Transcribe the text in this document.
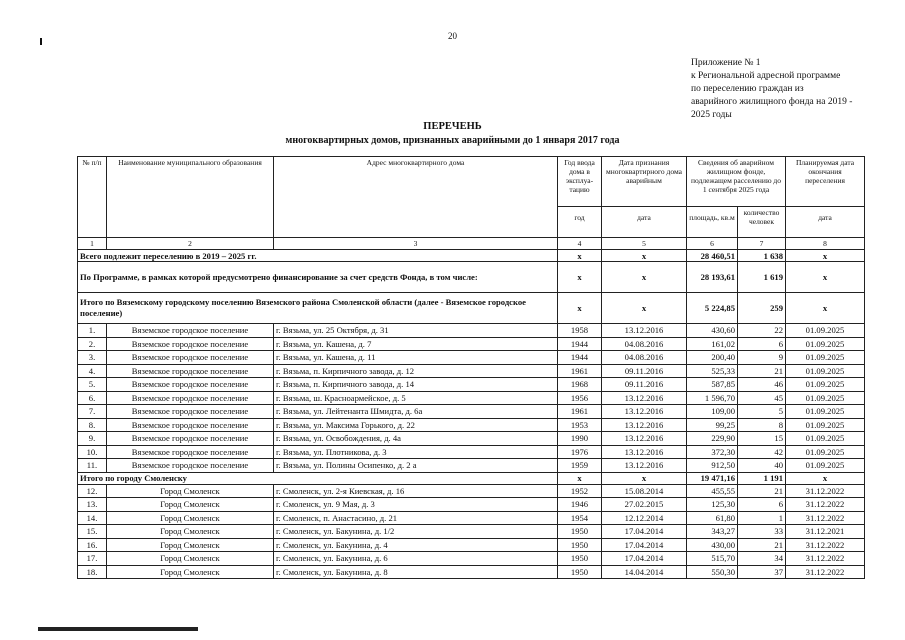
20
Приложение № 1
к Региональной адресной программе
по переселению граждан из
аварийного жилищного фонда на 2019 -
2025 годы
ПЕРЕЧЕНЬ
многоквартирных домов, признанных аварийными до 1 января 2017 года
№ п/п	Наименование муниципального образования	Адрес многоквартирного дома	Год ввода дома в эксплуа-тацию	Дата признания многоквартирного дома аварийным	Сведения об аварийном жилищном фонде, подлежащем расселению до 1 сентября 2025 года		Планируемая дата окончания переселения
			год	дата	площадь, кв.м	количество человек	дата
1	2	3	4	5	6	7	8
Всего подлежит переселению в 2019 – 2025 гг.			x	x	28 460,51	1 638	x
По Программе, в рамках которой предусмотрено финансирование за счет средств Фонда, в том числе:			x	x	28 193,61	1 619	x
Итого по Вяземскому городскому поселению Вяземского района Смоленской области (далее - Вяземское городское поселение)			x	x	5 224,85	259	x
1.	Вяземское городское поселение	г. Вязьма, ул. 25 Октября, д. 31	1958	13.12.2016	430,60	22	01.09.2025
2.	Вяземское городское поселение	г. Вязьма, ул. Кашена, д. 7	1944	04.08.2016	161,02	6	01.09.2025
3.	Вяземское городское поселение	г. Вязьма, ул. Кашена, д. 11	1944	04.08.2016	200,40	9	01.09.2025
4.	Вяземское городское поселение	г. Вязьма, п. Кирпичного завода, д. 12	1961	09.11.2016	525,33	21	01.09.2025
5.	Вяземское городское поселение	г. Вязьма, п. Кирпичного завода, д. 14	1968	09.11.2016	587,85	46	01.09.2025
6.	Вяземское городское поселение	г. Вязьма, ш. Красноармейское, д. 5	1956	13.12.2016	1 596,70	45	01.09.2025
7.	Вяземское городское поселение	г. Вязьма, ул. Лейтенанта Шмидта, д. 6а	1961	13.12.2016	109,00	5	01.09.2025
8.	Вяземское городское поселение	г. Вязьма, ул. Максима Горького, д. 22	1953	13.12.2016	99,25	8	01.09.2025
9.	Вяземское городское поселение	г. Вязьма, ул. Освобождения, д. 4а	1990	13.12.2016	229,90	15	01.09.2025
10.	Вяземское городское поселение	г. Вязьма, ул. Плотникова, д. 3	1976	13.12.2016	372,30	42	01.09.2025
11.	Вяземское городское поселение	г. Вязьма, ул. Полины Осипенко, д. 2 а	1959	13.12.2016	912,50	40	01.09.2025
Итого по городу Смоленску			x	x	19 471,16	1 191	x
12.	Город Смоленск	г. Смоленск, ул. 2-я Киевская, д. 16	1952	15.08.2014	455,55	21	31.12.2022
13.	Город Смоленск	г. Смоленск, ул. 9 Мая, д. 3	1946	27.02.2015	125,30	6	31.12.2022
14.	Город Смоленск	г. Смоленск, п. Анастасино, д. 21	1954	12.12.2014	61,80	1	31.12.2022
15.	Город Смоленск	г. Смоленск, ул. Бакунина, д. 1/2	1950	17.04.2014	343,27	33	31.12.2021
16.	Город Смоленск	г. Смоленск, ул. Бакунина, д. 4	1950	17.04.2014	430,00	21	31.12.2022
17.	Город Смоленск	г. Смоленск, ул. Бакунина, д. 6	1950	17.04.2014	515,70	34	31.12.2022
18.	Город Смоленск	г. Смоленск, ул. Бакунина, д. 8	1950	14.04.2014	550,30	37	31.12.2022
